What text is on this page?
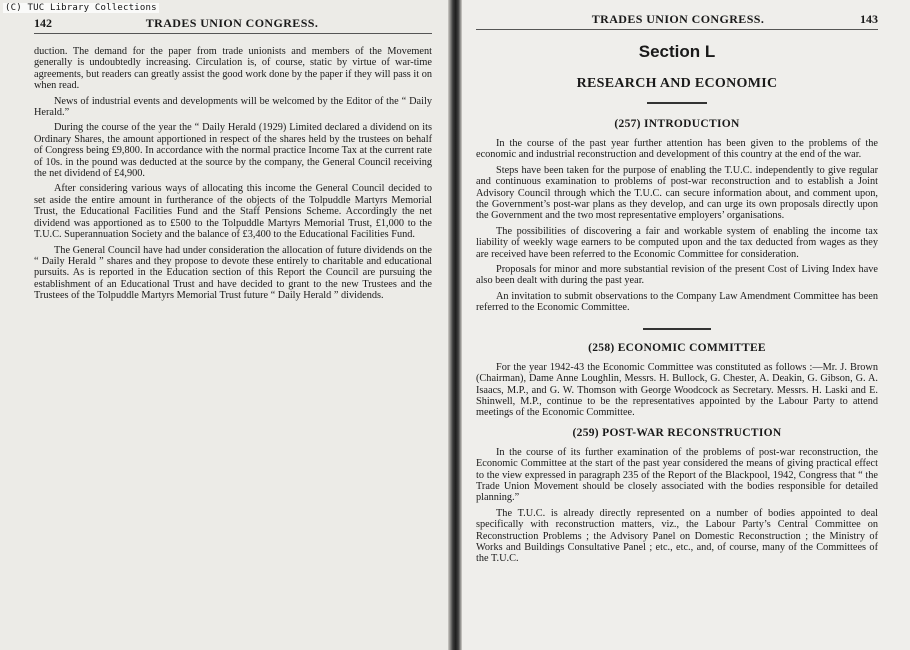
(C) TUC Library Collections
142	TRADES UNION CONGRESS.

duction. The demand for the paper from trade unionists and members of the Movement generally is undoubtedly increasing. Circulation is, of course, static by virtue of war-time agreements, but readers can greatly assist the good work done by the paper if they will pass it on when read.

News of industrial events and developments will be welcomed by the Editor of the “ Daily Herald.”

During the course of the year the “ Daily Herald (1929) Limited declared a dividend on its Ordinary Shares, the amount apportioned in respect of the shares held by the trustees on behalf of Congress being £9,800. In accordance with the normal practice Income Tax at the current rate of 10s. in the pound was deducted at the source by the company, the General Council receiving the net dividend of £4,900.

After considering various ways of allocating this income the General Council decided to set aside the entire amount in furtherance of the objects of the Tolpuddle Martyrs Memorial Trust, the Educational Facilities Fund and the Staff Pensions Scheme. Accordingly the net dividend was apportioned as to £500 to the Tolpuddle Martyrs Memorial Trust, £1,000 to the T.U.C. Superannuation Society and the balance of £3,400 to the Educational Facilities Fund.

The General Council have had under consideration the allocation of future dividends on the “ Daily Herald ” shares and they propose to devote these entirely to charitable and educational pursuits. As is reported in the Education section of this Report the Council are pursuing the establishment of an Educational Trust and have decided to grant to the new Trustees and the Trustees of the Tolpuddle Martyrs Memorial Trust future “ Daily Herald ” dividends.

TRADES UNION CONGRESS.	143
Section L
RESEARCH AND ECONOMIC
(257) INTRODUCTION

In the course of the past year further attention has been given to the problems of the economic and industrial reconstruction and development of this country at the end of the war.

Steps have been taken for the purpose of enabling the T.U.C. independently to give regular and continuous examination to problems of post-war reconstruction and to establish a Joint Advisory Council through which the T.U.C. can secure information about, and comment upon, the Government’s post-war plans as they develop, and can urge its own proposals directly upon the Government and the two most representative employers’ organisations.

The possibilities of discovering a fair and workable system of enabling the income tax liability of weekly wage earners to be computed upon and the tax deducted from wages as they are received have been referred to the Economic Committee for consideration.

Proposals for minor and more substantial revision of the present Cost of Living Index have also been dealt with during the past year.

An invitation to submit observations to the Company Law Amendment Committee has been referred to the Economic Committee.

(258) ECONOMIC COMMITTEE

For the year 1942-43 the Economic Committee was constituted as follows :—Mr. J. Brown (Chairman), Dame Anne Loughlin, Messrs. H. Bullock, G. Chester, A. Deakin, G. Gibson, G. A. Isaacs, M.P., and G. W. Thomson with George Woodcock as Secretary. Messrs. H. Laski and E. Shinwell, M.P., continue to be the representatives appointed by the Labour Party to attend meetings of the Economic Committee.

(259) POST-WAR RECONSTRUCTION

In the course of its further examination of the problems of post-war reconstruction, the Economic Committee at the start of the past year considered the means of giving practical effect to the view expressed in paragraph 235 of the Report of the Blackpool, 1942, Congress that “ the Trade Union Movement should be closely associated with the bodies responsible for detailed planning.”

The T.U.C. is already directly represented on a number of bodies appointed to deal specifically with reconstruction matters, viz., the Labour Party’s Central Committee on Reconstruction Problems ; the Advisory Panel on Domestic Reconstruction ; the Ministry of Works and Buildings Consultative Panel ; etc., etc., and, of course, many of the Committees of the T.U.C.
